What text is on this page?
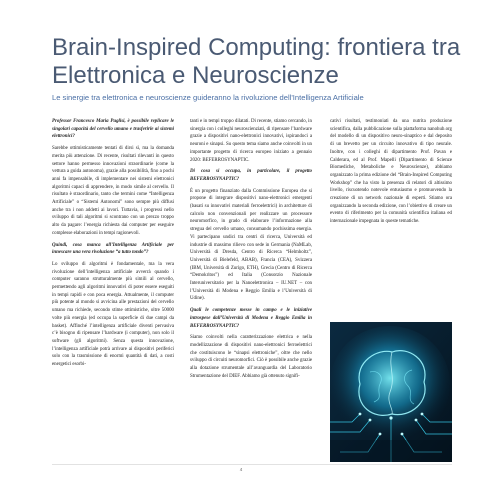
Brain-Inspired Computing: frontiera tra Elettronica e Neuroscienze
Le sinergie tra elettronica e neuroscienze guideranno la rivoluzione dell'Intelligenza Artificiale

Professor Francesco Maria Puglisi, è possibile replicare le singolari capacità del cervello umano e trasferirle ai sistemi elettronici?

Sarebbe ottimisticamente tentati di dirsi sì, ma la domanda merita più attenzione. Di recente, risultati rilevanti in questo settore hanno permesso innovazioni straordinarie (come la vettura a guida autonoma), grazie alla possibilità, fino a pochi anni fa impensabile, di implementare nei sistemi elettronici algoritmi capaci di apprendere, in modo simile al cervello. Il risultato è straordinario, tanto che termini come “Intelligenza Artificiale” o “Sistemi Autonomi” sono sempre più diffusi anche tra i non addetti ai lavori. Tuttavia, i progressi nello sviluppo di tali algoritmi si scontrano con un prezzo troppo alto da pagare: l’energia richiesta dai computer per eseguire complesse elaborazioni in tempi ragionevoli.

Quindi, cosa manca all’Intelligenza Artificiale per innescare una vera rivoluzione “a tutto tondo”?

Lo sviluppo di algoritmi è fondamentale, ma la vera rivoluzione dell’intelligenza artificiale avverrà quando i computer saranno strutturalmente più simili al cervello, permettendo agli algoritmi innovativi di poter essere eseguiti in tempi rapidi e con poca energia. Attualmente, il computer più potente al mondo si avvicina alle prestazioni del cervello umano ma richiede, secondo stime ottimistiche, oltre 50000 volte più energia (ed occupa la superficie di due campi da basket). Affinché l’intelligenza artificiale diventi pervasiva c’è bisogno di ripensare l’hardware (i computer), non solo il software (gli algoritmi). Senza questa innovazione, l’intelligenza artificiale potrà arrivare ai dispositivi periferici solo con la trasmissione di enormi quantità di dati, a costi energetici esorbi-

tanti e in tempi troppo dilatati. Di recente, stiamo cercando, in sinergia con i colleghi neuroscienziati, di ripensare l’hardware grazie a dispositivi nano-elettronici innovativi, ispirandoci a neuroni e sinapsi. Su questo tema siamo anche coinvolti in un importante progetto di ricerca europeo iniziato a gennaio 2020: BEFERROSYNAPTIC.

Di cosa si occupa, in particolare, il progetto BEFERROSYNAPTIC?

È un progetto finanziato dalla Commissione Europea che si propone di integrare dispositivi nano-elettronici emergenti (basati su innovativi materiali ferroelettrici) in architetture di calcolo non convenzionali per realizzare un processore neuromorfico, in grado di elaborare l’informazione alla stregua del cervello umano, consumando pochissima energia. Vi partecipano undici tra centri di ricerca, Università ed industrie di massimo rilievo con sede in Germania (NaMLab, Università di Dresda, Centro di Ricerca “Helmholtz”, Università di Bielefeld, ABAB), Francia (CEA), Svizzera (IBM, Università di Zurigo, ETH), Grecia (Centro di Ricerca “Demokritos”) ed Italia (Consorzio Nazionale Interuniversitario per la Nanoelettronica – IU.NET – con l’Università di Modena e Reggio Emilia e l’Università di Udine).

Quali le competenze messe in campo e le iniziative introspese dall’Università di Modena e Reggio Emilia in BEFERROSYNAPTIC?

Siamo coinvolti nella caratterizzazione elettrica e nella modellizzazione di dispositivi nano-elettronici ferroelettrici che costituiscono le “sinapsi elettroniche”, oltre che nello sviluppo di circuiti neuromorfici. Ciò è possibile anche grazie alla dotazione strumentale all’avanguardia del Laboratorio Strumentazione del DIEF. Abbiamo già ottenuto signifi-

cativi risultati, testimoniati da una nutrita produzione scientifica, dalla pubblicazione sulla piattaforma nanohub.org del modello di un dispositivo neuro-sinaptico e dal deposito di un brevetto per un circuito innovativo di tipo neurale. Inoltre, con i colleghi di dipartimento Prof. Pavan e Calderara, ed al Prof. Mapelli (Dipartimento di Scienze Biomediche, Metaboliche e Neuroscienze), abbiamo organizzato la prima edizione del “Brain-Inspired Computing Workshop” che ha visto la presenza di relatori di altissimo livello, riscuotendo notevole entusiasmo e promuovendo la creazione di un network nazionale di esperti. Stiamo ora organizzando la seconda edizione, con l’obiettivo di creare un evento di riferimento per la comunità scientifica italiana ed internazionale impegnata in queste tematiche.

4
